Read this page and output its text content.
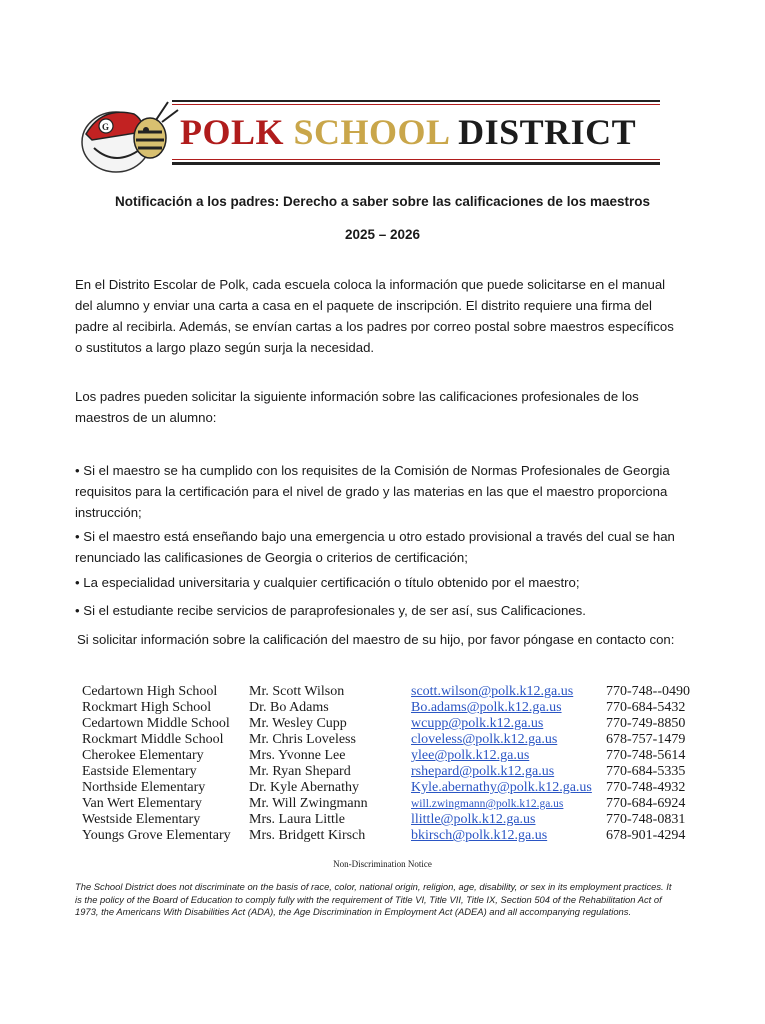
G POLK SCHOOL DISTRICT
Notificación a los padres: Derecho a saber sobre las calificaciones de los maestros
2025 – 2026
En el Distrito Escolar de Polk, cada escuela coloca la información que puede solicitarse en el manual del alumno y enviar una carta a casa en el paquete de inscripción. El distrito requiere una firma del padre al recibirla. Además, se envían cartas a los padres por correo postal sobre maestros específicos o sustitutos a largo plazo según surja la necesidad.
Los padres pueden solicitar la siguiente información sobre las calificaciones profesionales de los maestros de un alumno:
• Si el maestro se ha cumplido con los requisites de la Comisión de Normas Profesionales de Georgia requisitos para la certificación para el nivel de grado y las materias en las que el maestro proporciona instrucción;
• Si el maestro está enseñando bajo una emergencia u otro estado provisional a través del cual se han renunciado las calificasiones de Georgia o criterios de certificación;
• La especialidad universitaria y cualquier certificación o título obtenido por el maestro;
• Si el estudiante recibe servicios de paraprofesionales y, de ser así, sus Calificaciones.
Si solicitar información sobre la calificación del maestro de su hijo, por favor póngase en contacto con:
Cedartown High School Mr. Scott Wilson	scott.wilson@polk.k12.ga.us 770-748--0490
Rockmart High School	Dr. Bo Adams	Bo.adams@polk.k12.ga.us	770-684-5432
Cedartown Middle School Mr. Wesley Cupp	wcupp@polk.k12.ga.us	770-749-8850
Rockmart Middle School Mr. Chris Loveless	cloveless@polk.k12.ga.us	678-757-1479
Cherokee Elementary	Mrs. Yvonne Lee	ylee@polk.k12.ga.us	770-748-5614
Eastside Elementary	Mr. Ryan Shepard	rshepard@polk.k12.ga.us	770-684-5335
Northside Elementary	Dr. Kyle Abernathy	Kyle.abernathy@polk.k12.ga.us 770-748-4932
Van Wert Elementary	Mr. Will Zwingmann	will.zwingmann@polk.k12.ga.us	770-684-6924
Westside Elementary	Mrs. Laura Little	llittle@polk.k12.ga.us	770-748-0831
Youngs Grove Elementary Mrs. Bridgett Kirsch	bkirsch@polk.k12.ga.us	678-901-4294
Non-Discrimination Notice
The School District does not discriminate on the basis of race, color, national origin, religion, age, disability, or sex in its employment practices. It is the policy of the Board of Education to comply fully with the requirement of Title VI, Title VII, Title IX, Section 504 of the Rehabilitation Act of 1973, the Americans With Disabilities Act (ADA), the Age Discrimination in Employment Act (ADEA) and all accompanying regulations.
